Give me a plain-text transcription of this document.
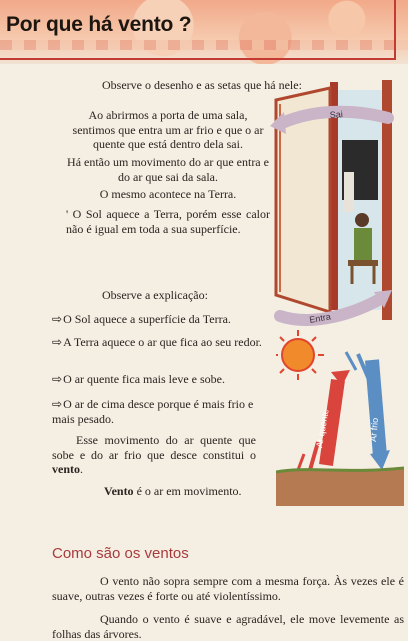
Por que há vento ?
Observe o desenho e as setas que há nele:
Ao abrirmos a porta de uma sala, sentimos que entra um ar frio e que o ar quente que está dentro dela sai.
Há então um movimento do ar que entra e do ar que sai da sala.
O mesmo acontece na Terra.
' O Sol aquece a Terra, porém esse calor não é igual em toda a sua superfície.
Sai
Entra
Observe a explicação:
⇨O Sol aquece a superfície da Terra.
⇨A Terra aquece o ar que fica ao seu redor.
⇨O ar quente fica mais leve e sobe.
⇨O ar de cima desce porque é mais frio e mais pesado.
Esse movimento do ar quente que sobe e do ar frio que desce constitui o vento.
Vento é o ar em movimento.
Ar quente	Ar frio
Como são os ventos
O vento não sopra sempre com a mesma força. Às vezes ele é suave, outras vezes é forte ou até violentíssimo.
Quando o vento é suave e agradável, ele move levemente as folhas das árvores.
